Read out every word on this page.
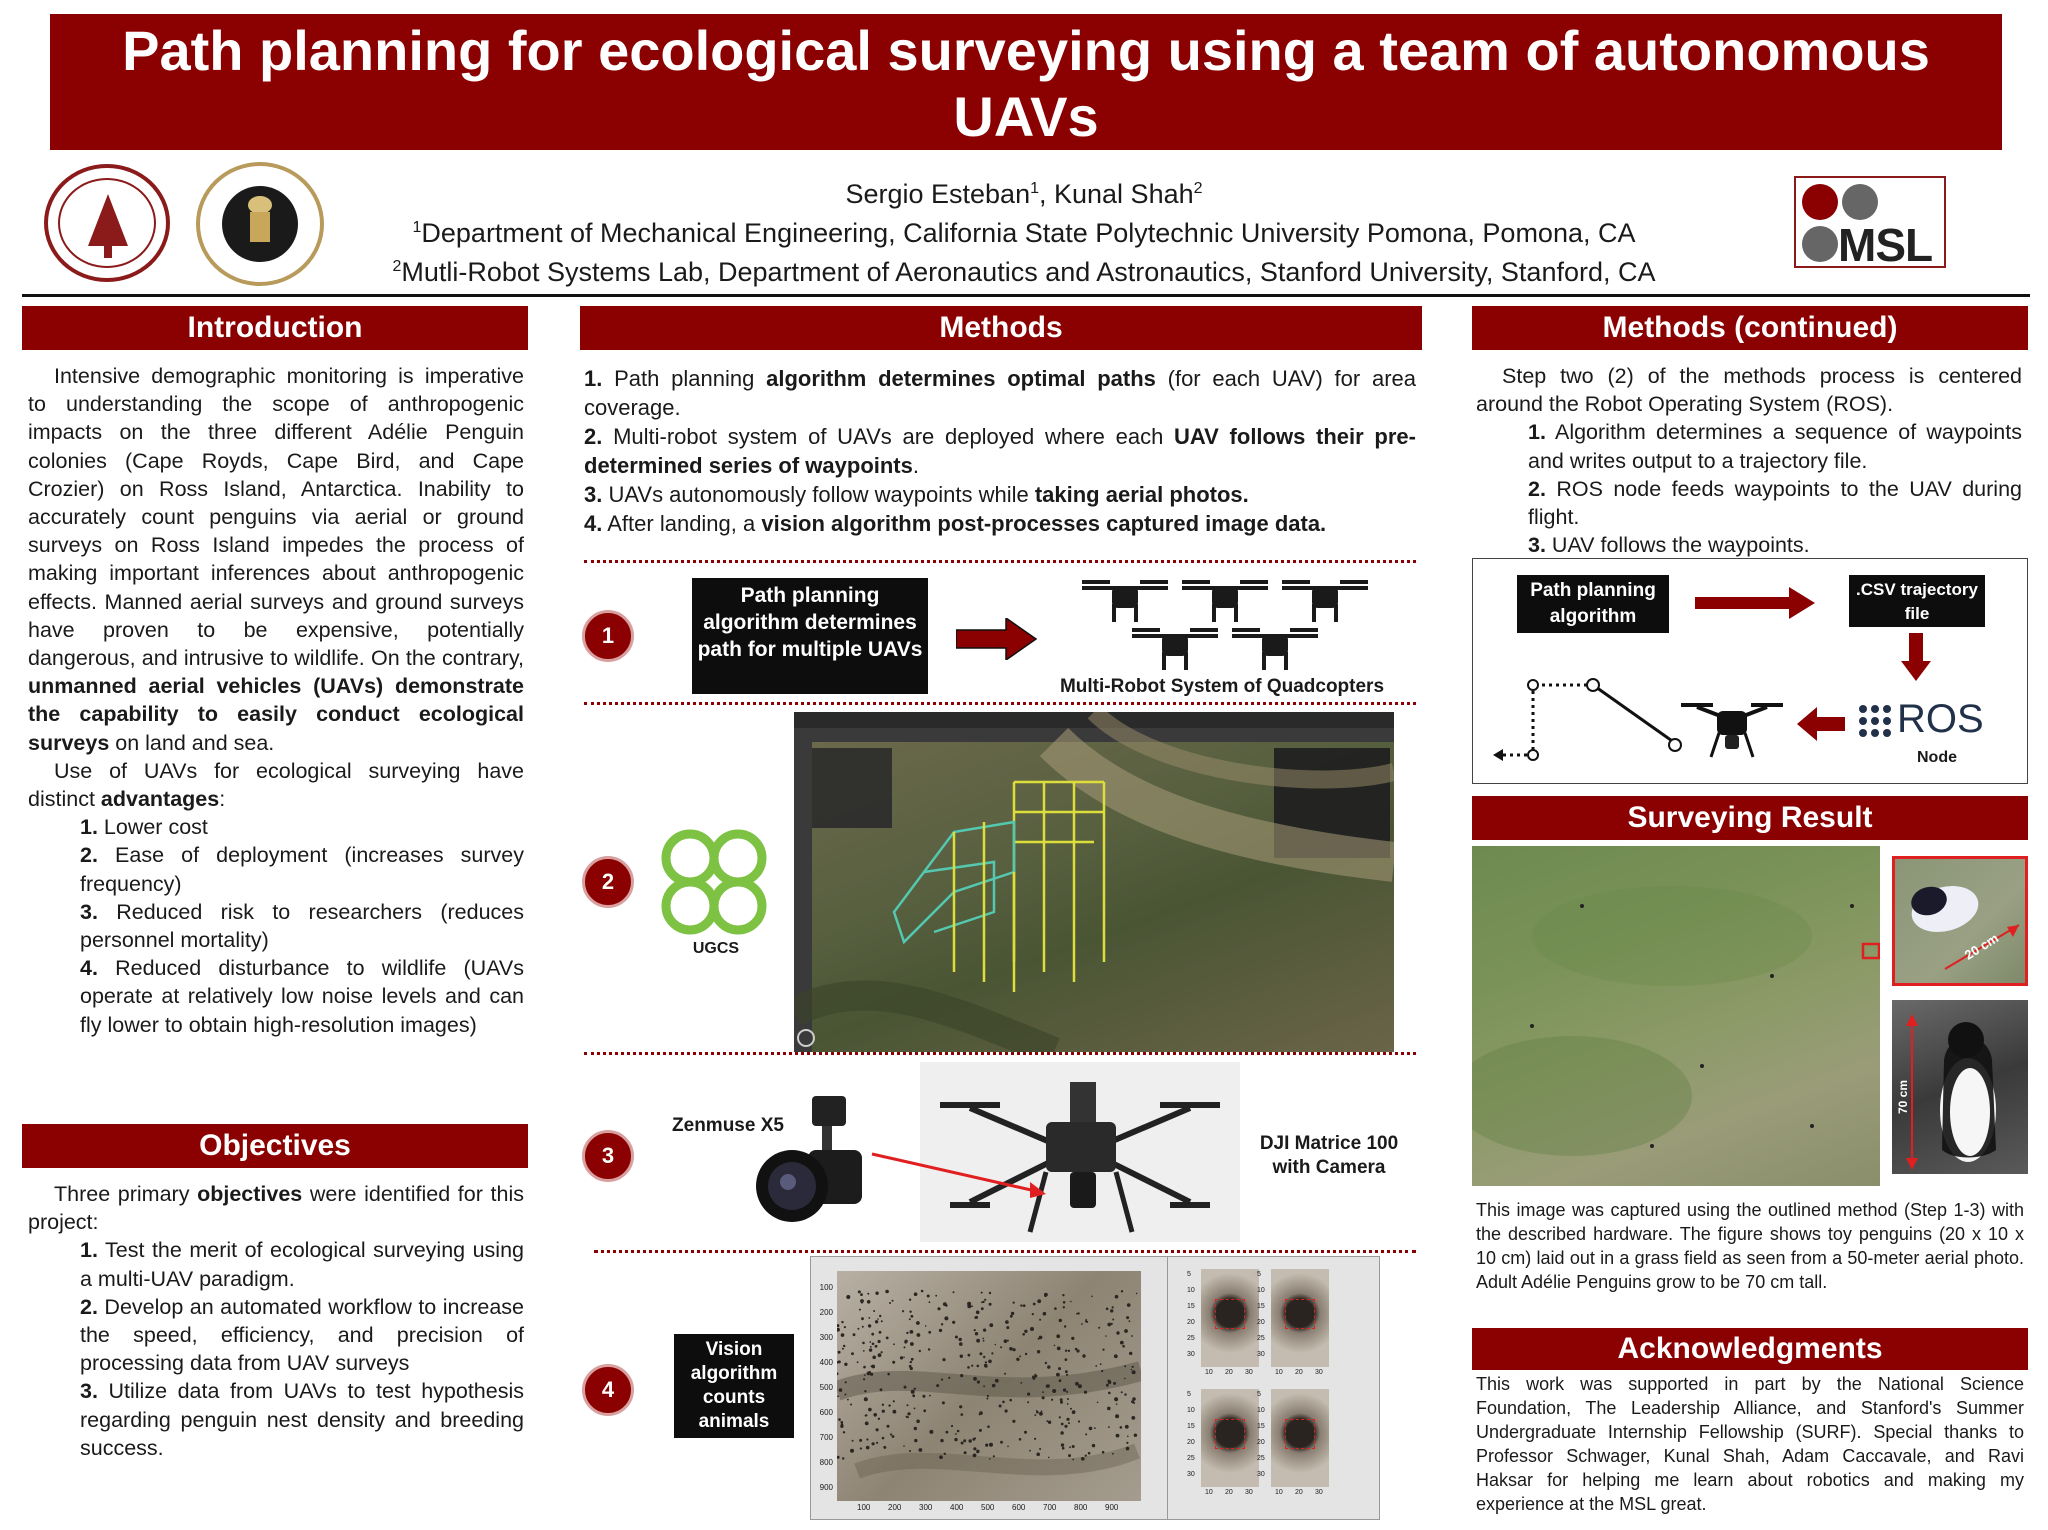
Path planning for ecological surveying using a team of autonomous UAVs
MSL
Sergio Esteban$^1$, Kunal Shah$^2$
$^1$Department of Mechanical Engineering, California State Polytechnic University Pomona, Pomona, CA
$^2$Mutli-Robot Systems Lab, Department of Aeronautics and Astronautics, Stanford University, Stanford, CA
Introduction
Intensive demographic monitoring is imperative to understanding the scope of anthropogenic impacts on the three different Adélie Penguin colonies (Cape Royds, Cape Bird, and Cape Crozier) on Ross Island, Antarctica. Inability to accurately count penguins via aerial or ground surveys on Ross Island impedes the process of making important inferences about anthropogenic effects. Manned aerial surveys and ground surveys have proven to be expensive, potentially dangerous, and intrusive to wildlife. On the contrary, unmanned aerial vehicles (UAVs) demonstrate the capability to easily conduct ecological surveys on land and sea.
Use of UAVs for ecological surveying have distinct advantages:
1. Lower cost
2. Ease of deployment (increases survey frequency)
3. Reduced risk to researchers (reduces personnel mortality)
4. Reduced disturbance to wildlife (UAVs operate at relatively low noise levels and can fly lower to obtain high-resolution images)
Objectives
Three primary objectives were identified for this project:
1. Test the merit of ecological surveying using a multi-UAV paradigm.
2. Develop an automated workflow to increase the speed, efficiency, and precision of processing data from UAV surveys
3. Utilize data from UAVs to test hypothesis regarding penguin nest density and breeding success.
Methods
1. Path planning algorithm determines optimal paths (for each UAV) for area coverage.
2. Multi-robot system of UAVs are deployed where each UAV follows their pre-determined series of waypoints.
3. UAVs autonomously follow waypoints while taking aerial photos.
4. After landing, a vision algorithm post-processes captured image data.
1
Path planning algorithm determines path for multiple UAVs
Multi-Robot System of Quadcopters
2
UGCS
3
Zenmuse X5
DJI Matrice 100 with Camera
4
Vision algorithm counts animals
100
200
300
400
500
600
700
800
900
100 200 300 400 500 600 700 800 900
5
10
15
20
25
30
10 20 30
5
10
15
20
25
30
10 20 30
5
10
15
20
25
30
10 20 30
5
10
15
20
25
30
10 20 30
Methods (continued)
Step two (2) of the methods process is centered around the Robot Operating System (ROS).
1. Algorithm determines a sequence of waypoints and writes output to a trajectory file.
2. ROS node feeds waypoints to the UAV during flight.
3. UAV follows the waypoints.
Path planning algorithm
.CSV trajectory file
ROS
Node
Surveying Result
20 cm
70 cm
This image was captured using the outlined method (Step 1-3) with the described hardware. The figure shows toy penguins (20 x 10 x 10 cm) laid out in a grass field as seen from a 50-meter aerial photo. Adult Adélie Penguins grow to be 70 cm tall.
Acknowledgments
This work was supported in part by the National Science Foundation, The Leadership Alliance, and Stanford's Summer Undergraduate Internship Fellowship (SURF). Special thanks to Professor Schwager, Kunal Shah, Adam Caccavale, and Ravi Haksar for helping me learn about robotics and making my experience at the MSL great.
